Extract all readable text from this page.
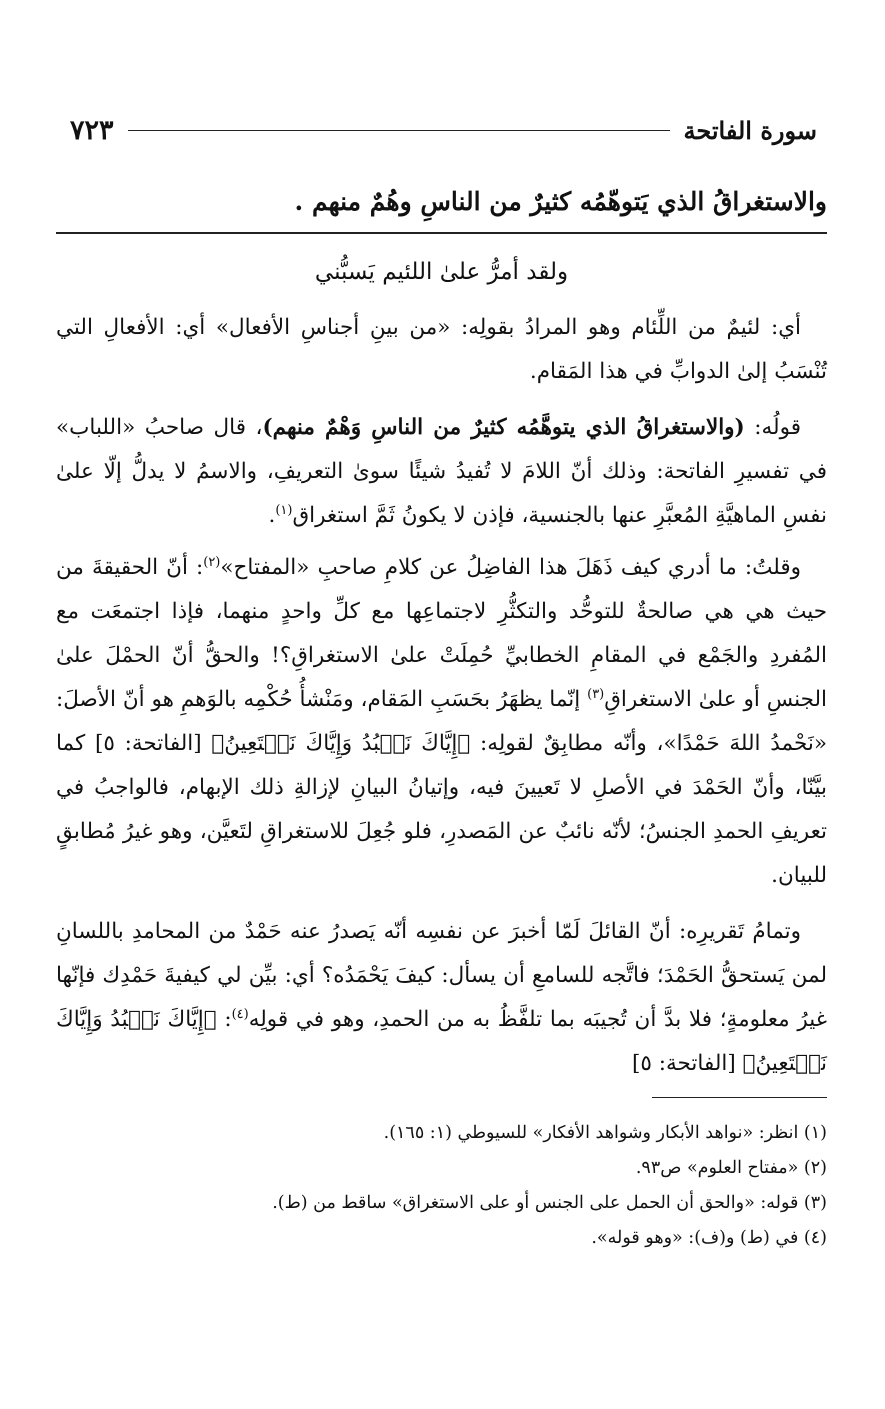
سورة الفاتحة
٧٢٣
والاستغراقُ الذي يَتوهّمُه كثيرٌ من الناسِ وهُمٌ منهم .
ولقد أمرُّ علىٰ اللئيم يَسبُّني

أي: لئيمٌ من اللِّئام وهو المرادُ بقولِه: «من بينِ أجناسِ الأفعال» أي: الأفعالِ التي تُنْسَبُ إلىٰ الدوابِّ في هذا المَقام.

قولُه: (والاستغراقُ الذي يتوهَّمُه كثيرٌ من الناسِ وَهْمٌ منهم)، قال صاحبُ «اللباب» في تفسيرِ الفاتحة: وذلك أنّ اللامَ لا تُفيدُ شيئًا سوىٰ التعريفِ، والاسمُ لا يدلُّ إلّا علىٰ نفسِ الماهيَّةِ المُعبَّرِ عنها بالجنسية، فإذن لا يكونُ ثَمَّ استغراق$^{(١)}$.

وقلتُ: ما أدري كيف ذَهَلَ هذا الفاضِلُ عن كلامِ صاحبِ «المفتاح»$^{(٢)}$: أنّ الحقيقةَ من حيث هي هي صالحةٌ للتوحُّد والتكثُّرِ لاجتماعِها مع كلِّ واحدٍ منهما، فإذا اجتمعَت مع المُفردِ والجَمْع في المقامِ الخطابيِّ حُمِلَتْ علىٰ الاستغراقِ؟! والحقُّ أنّ الحمْلَ علىٰ الجنسِ أو علىٰ الاستغراقِ$^{(٣)}$ إنّما يظهَرُ بحَسَبِ المَقام، ومَنْشأُ حُكْمِه بالوَهمِ هو أنّ الأصلَ: «نَحْمدُ اللهَ حَمْدًا»، وأنّه مطابِقٌ لقولِه: ﴿إِيَّاكَ نَعۡبُدُ وَإِيَّاكَ نَسۡتَعِينُ﴾ [الفاتحة: ٥] كما بيَّنّا، وأنّ الحَمْدَ في الأصلِ لا تَعيينَ فيه، وإتيانُ البيانِ لإزالةِ ذلك الإبهام، فالواجبُ في تعريفِ الحمدِ الجنسُ؛ لأنّه نائبٌ عن المَصدرِ، فلو جُعِلَ للاستغراقِ لتَعيَّن، وهو غيرُ مُطابقٍ للبيان.

وتمامُ تَقريرِه: أنّ القائلَ لَمّا أخبرَ عن نفسِه أنّه يَصدرُ عنه حَمْدٌ من المحامدِ باللسانِ لمن يَستحقُّ الحَمْدَ؛ فاتَّجه للسامعِ أن يسأل: كيفَ يَحْمَدُه؟ أي: بيِّن لي كيفيةَ حَمْدِك فإنّها غيرُ معلومةٍ؛ فلا بدَّ أن تُجيبَه بما تلفَّظُ به من الحمدِ، وهو في قولِه$^{(٤)}$: ﴿إِيَّاكَ نَعۡبُدُ وَإِيَّاكَ نَسۡتَعِينُ﴾ [الفاتحة: ٥]

(١) انظر: «نواهد الأبكار وشواهد الأفكار» للسيوطي (١: ١٦٥).
(٢) «مفتاح العلوم» ص٩٣.
(٣) قوله: «والحق أن الحمل على الجنس أو على الاستغراق» ساقط من (ط).
(٤) في (ط) و(ف): «وهو قوله».
